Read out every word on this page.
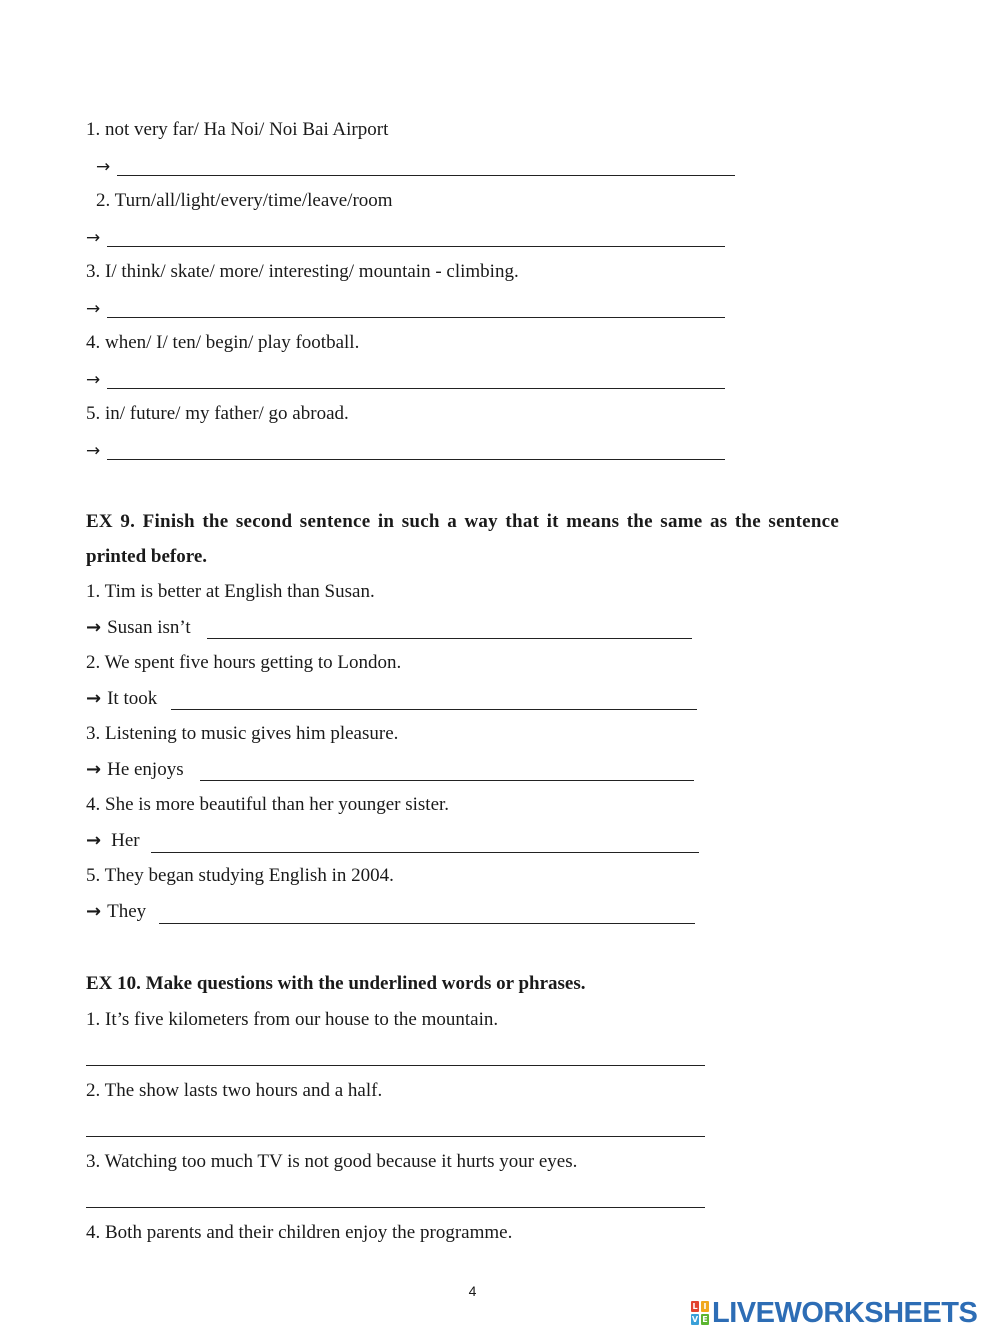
1. not very far/ Ha Noi/ Noi Bai Airport
→
2. Turn/all/light/every/time/leave/room
→
3. I/ think/ skate/ more/ interesting/ mountain - climbing.
→
4. when/ I/ ten/ begin/ play football.
→
5. in/ future/ my father/ go abroad.
→
EX 9. Finish the second sentence in such a way that it means the same as the sentence
printed before.
1. Tim is better at English than Susan.
→ Susan isn’t
2. We spent five hours getting to London.
→ It took
3. Listening to music gives him pleasure.
→ He enjoys
4. She is more beautiful than her younger sister.
→ Her
5. They began studying English in 2004.
→ They
EX 10. Make questions with the underlined words or phrases.
1. It’s five kilometers from our house to the mountain.
2. The show lasts two hours and a half.
3. Watching too much TV is not good because it hurts your eyes.
4. Both parents and their children enjoy the programme.
4
L I
V E LIVEWORKSHEETS
